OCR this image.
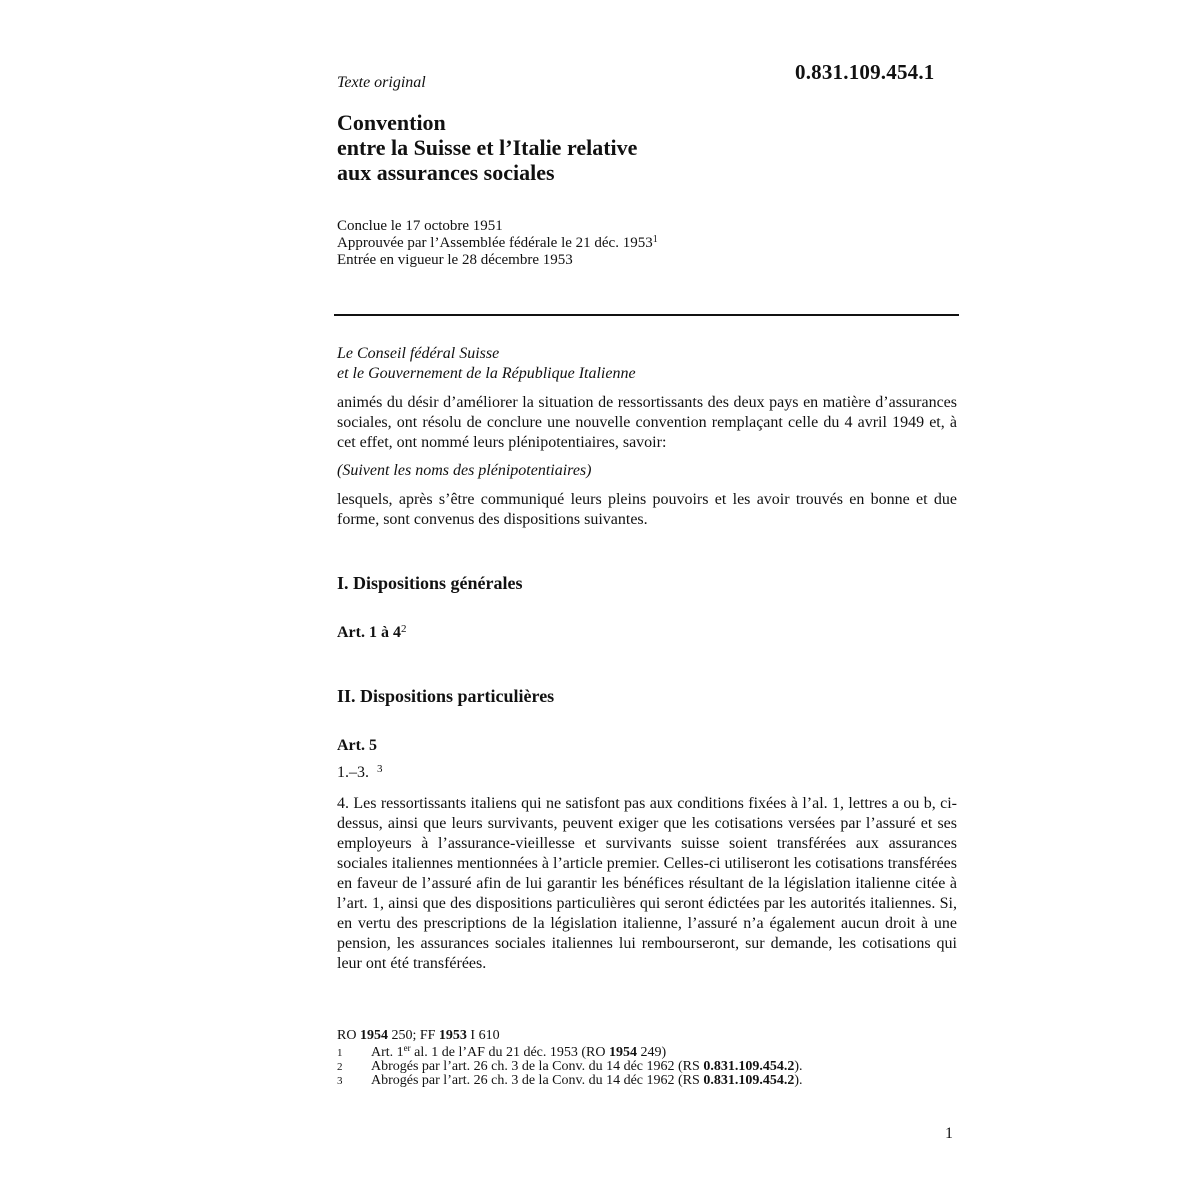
0.831.109.454.1
Texte original
Convention
entre la Suisse et l’Italie relative
aux assurances sociales
Conclue le 17 octobre 1951
Approuvée par l’Assemblée fédérale le 21 déc. 1953$^1$
Entrée en vigueur le 28 décembre 1953
Le Conseil fédéral Suisse
et le Gouvernement de la République Italienne
animés du désir d’améliorer la situation de ressortissants des deux pays en matière d’assurances sociales, ont résolu de conclure une nouvelle convention remplaçant celle du 4 avril 1949 et, à cet effet, ont nommé leurs plénipotentiaires, savoir:
(Suivent les noms des plénipotentiaires)
lesquels, après s’être communiqué leurs pleins pouvoirs et les avoir trouvés en bonne et due forme, sont convenus des dispositions suivantes.
I. Dispositions générales
Art. 1 à $4^2$
II. Dispositions particulières
Art. 5
1.–3. $^3$
4. Les ressortissants italiens qui ne satisfont pas aux conditions fixées à l’al. 1, lettres a ou b, ci-dessus, ainsi que leurs survivants, peuvent exiger que les cotisations versées par l’assuré et ses employeurs à l’assurance-vieillesse et survivants suisse soient transférées aux assurances sociales italiennes mentionnées à l’article premier. Celles-ci utiliseront les cotisations transférées en faveur de l’assuré afin de lui garantir les bénéfices résultant de la législation italienne citée à l’art. 1, ainsi que des dispositions particulières qui seront édictées par les autorités italiennes. Si, en vertu des prescriptions de la législation italienne, l’assuré n’a également aucun droit à une pension, les assurances sociales italiennes lui rembourseront, sur demande, les cotisations qui leur ont été transférées.
RO 1954 250; FF 1953 I 610
1	Art. 1er al. 1 de l’AF du 21 déc. 1953 (RO 1954 249)
2	Abrogés par l’art. 26 ch. 3 de la Conv. du 14 déc 1962 (RS 0.831.109.454.2).
3	Abrogés par l’art. 26 ch. 3 de la Conv. du 14 déc 1962 (RS 0.831.109.454.2).
1
